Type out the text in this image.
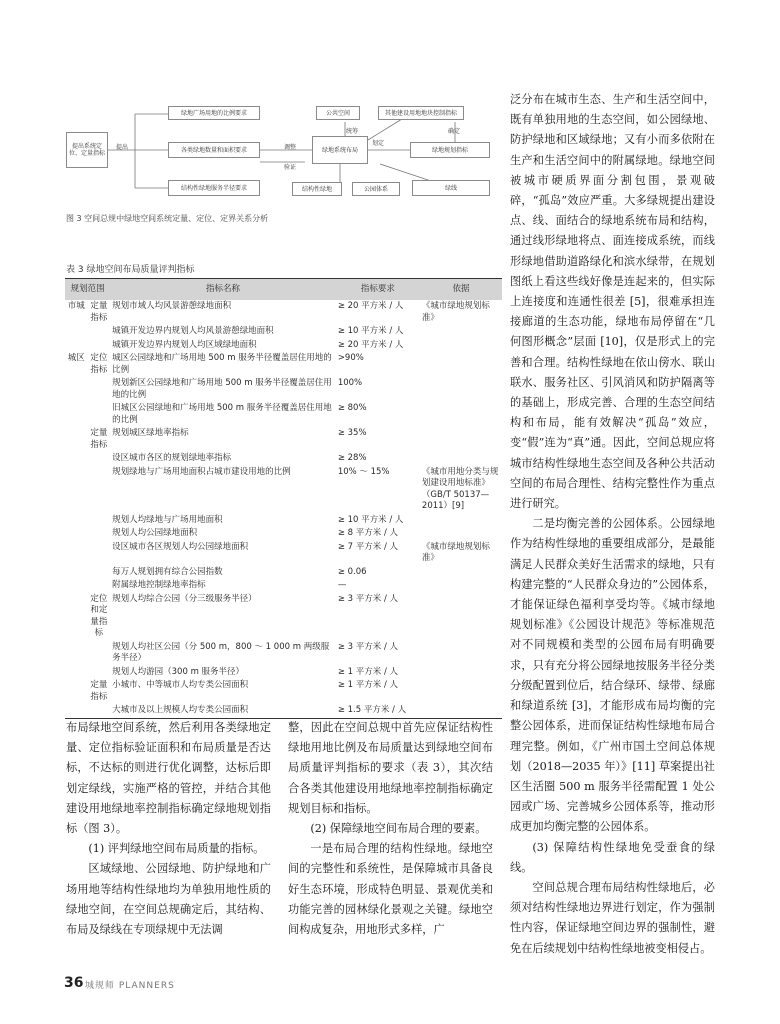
提出系统定位、定量指标
提出
绿地广场用地的比例要求
各类绿地数量和面积要求
结构性绿地服务半径要求
调整
验证
公共空间	其他建设用地地块控制指标
统筹
绿地系统布局
划定
确定
绿地规划指标
结构性绿地	公园体系	绿线
图 3 空间总规中绿地空间系统定量、定位、定界关系分析
表 3 绿地空间布局质量评判指标
规划范围		指标名称	指标要求	依据
市城	定量指标	规划市域人均风景游憩绿地面积	≥ 20 平方米 / 人	《城市绿地规划标准》
		城镇开发边界内规划人均风景游憩绿地面积	≥ 10 平方米 / 人	
		城镇开发边界内规划人均区域绿地面积	≥ 20 平方米 / 人	
城区	定位指标	城区公园绿地和广场用地 500 m 服务半径覆盖居住用地的比例	>90%	
		规划新区公园绿地和广场用地 500 m 服务半径覆盖居住用地的比例	100%	
		旧城区公园绿地和广场用地 500 m 服务半径覆盖居住用地的比例	≥ 80%	
	定量指标	规划城区绿地率指标	≥ 35%	
		设区城市各区的规划绿地率指标	≥ 28%	
		规划绿地与广场用地面积占城市建设用地的比例	10% ～ 15%	《城市用地分类与规划建设用地标准》（GB/T 50137—2011）[9]
		规划人均绿地与广场用地面积	≥ 10 平方米 / 人	
		规划人均公园绿地面积	≥ 8 平方米 / 人	
		设区城市各区规划人均公园绿地面积	≥ 7 平方米 / 人	《城市绿地规划标准》
		每万人规划拥有综合公园指数	≥ 0.06	
		附属绿地控制绿地率指标	—	
	定位和定量指标	规划人均综合公园（分三级服务半径）	≥ 3 平方米 / 人	
		规划人均社区公园（分 500 m，800 ～ 1 000 m 两级服务半径）	≥ 3 平方米 / 人	
		规划人均游园（300 m 服务半径）	≥ 1 平方米 / 人	
	定量指标	小城市、中等城市人均专类公园面积	≥ 1 平方米 / 人	
		大城市及以上规模人均专类公园面积	≥ 1.5 平方米 / 人	

泛分布在城市生态、生产和生活空间中，既有单独用地的生态空间，如公园绿地、防护绿地和区域绿地；又有小而多依附在生产和生活空间中的附属绿地。绿地空间被城市硬质界面分割包围，景观破碎，“孤岛”效应严重。大多绿规提出建设点、线、面结合的绿地系统布局和结构，通过线形绿地将点、面连接成系统，而线形绿地借助道路绿化和滨水绿带，在规划图纸上看这些线好像是连起来的，但实际上连接度和连通性很差 [5]，很难承担连接廊道的生态功能，绿地布局停留在“几何图形概念”层面 [10]，仅是形式上的完善和合理。结构性绿地在依山傍水、联山联水、服务社区、引风消风和防护隔离等的基础上，形成完善、合理的生态空间结构和布局，能有效解决“孤岛”效应，变“假”连为“真”通。因此，空间总规应将城市结构性绿地生态空间及各种公共活动空间的布局合理性、结构完整性作为重点进行研究。

二是均衡完善的公园体系。公园绿地作为结构性绿地的重要组成部分，是最能满足人民群众美好生活需求的绿地，只有构建完整的“人民群众身边的”公园体系，才能保证绿色福利享受均等。《城市绿地规划标准》《公园设计规范》等标准规范对不同规模和类型的公园布局有明确要求，只有充分将公园绿地按服务半径分类分级配置到位后，结合绿环、绿带、绿廊和绿道系统 [3]，才能形成布局均衡的完整公园体系，进而保证结构性绿地布局合理完整。例如，《广州市国土空间总体规划（2018—2035 年）》[11] 草案提出社区生活圈 500 m 服务半径需配置 1 处公园或广场、完善城乡公园体系等，推动形成更加均衡完整的公园体系。

(3) 保障结构性绿地免受蚕食的绿线。

空间总规合理布局结构性绿地后，必须对结构性绿地边界进行划定，作为强制性内容，保证绿地空间边界的强制性，避免在后续规划中结构性绿地被变相侵占。

布局绿地空间系统，然后利用各类绿地定量、定位指标验证面积和布局质量是否达标，不达标的则进行优化调整，达标后即划定绿线，实施严格的管控，并结合其他建设用地绿地率控制指标确定绿地规划指标（图 3）。

(1) 评判绿地空间布局质量的指标。

区域绿地、公园绿地、防护绿地和广场用地等结构性绿地均为单独用地性质的绿地空间，在空间总规确定后，其结构、布局及绿线在专项绿规中无法调

整，因此在空间总规中首先应保证结构性绿地用地比例及布局质量达到绿地空间布局质量评判指标的要求（表 3），其次结合各类其他建设用地绿地率控制指标确定规划目标和指标。

(2) 保障绿地空间布局合理的要素。

一是布局合理的结构性绿地。绿地空间的完整性和系统性，是保障城市具备良好生态环境，形成特色明显、景观优美和功能完善的园林绿化景观之关键。绿地空间构成复杂，用地形式多样，广

36 城规师 PLANNERS
